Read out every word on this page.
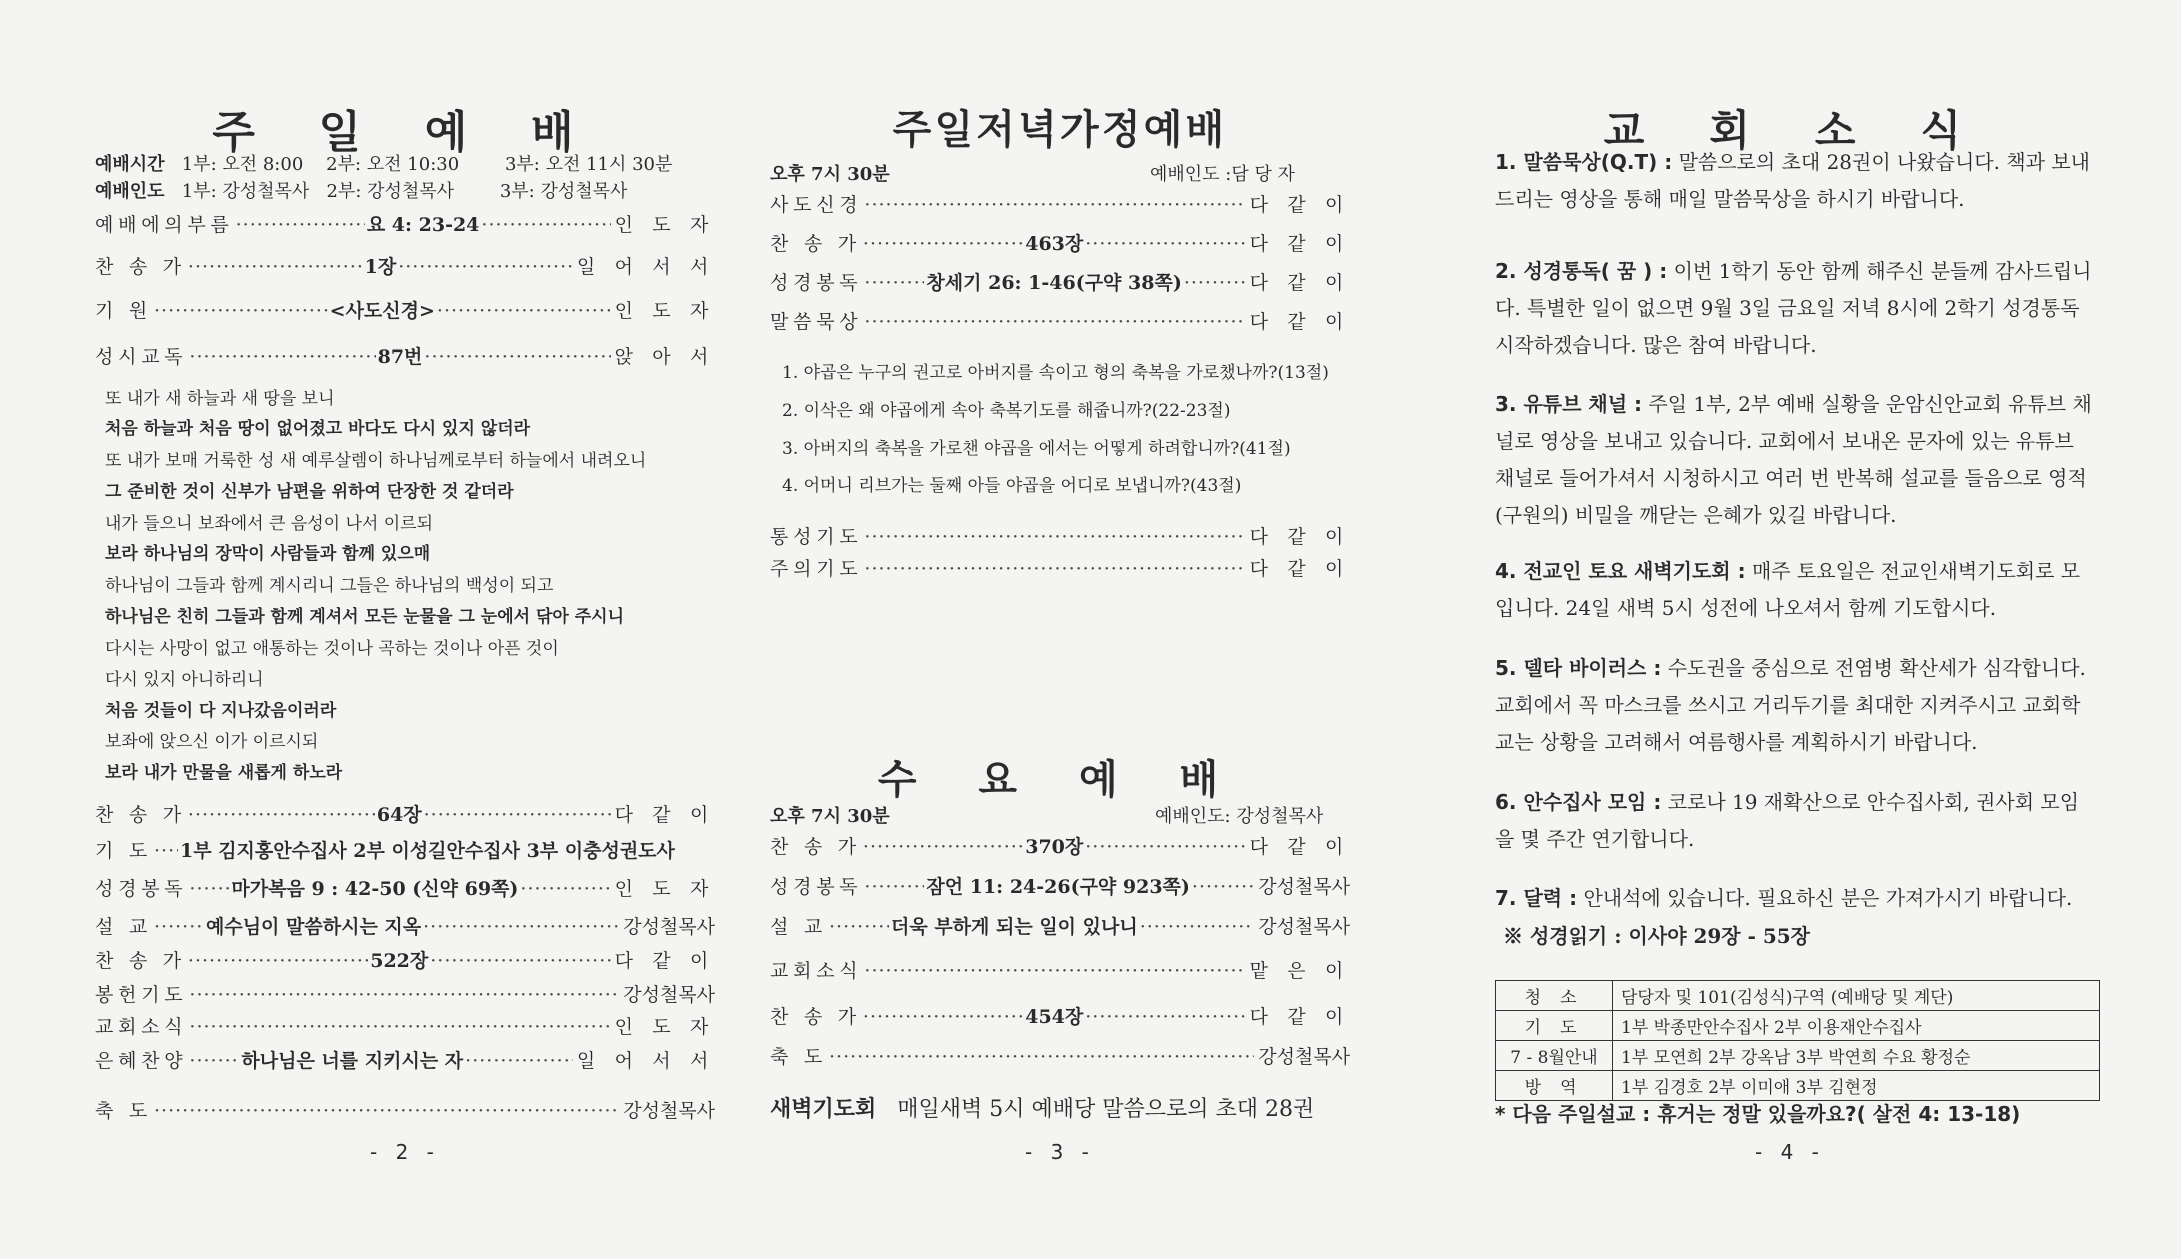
주 일 예 배
예배시간 1부: 오전 8:00 2부: 오전 10:30	3부: 오전 11시 30분
예배인도 1부: 강성철목사 2부: 강성철목사	3부: 강성철목사
예배에의부름 ·····	요 4: 23-24 ·····	인 도 자
찬 송 가 ·····	1장 ·····	일 어 서 서
기 원 ·····	<사도신경> ·····	인 도 자
성시교독 ·····	87번 ·····	앉 아 서
또 내가 새 하늘과 새 땅을 보니
처음 하늘과 처음 땅이 없어졌고 바다도 다시 있지 않더라
또 내가 보매 거룩한 성 새 예루살렘이 하나님께로부터 하늘에서 내려오니
그 준비한 것이 신부가 남편을 위하여 단장한 것 같더라
내가 들으니 보좌에서 큰 음성이 나서 이르되
보라 하나님의 장막이 사람들과 함께 있으매
하나님이 그들과 함께 계시리니 그들은 하나님의 백성이 되고
하나님은 친히 그들과 함께 계셔서 모든 눈물을 그 눈에서 닦아 주시니
다시는 사망이 없고 애통하는 것이나 곡하는 것이나 아픈 것이
다시 있지 아니하리니
처음 것들이 다 지나갔음이러라
보좌에 앉으신 이가 이르시되
보라 내가 만물을 새롭게 하노라
찬 송 가 ·····	64장 ·····	다 같 이
기 도 ····· 1부 김지홍안수집사 2부 이성길안수집사 3부 이충성권도사
성경봉독 ····· 마가복음 9 : 42-50 (신약 69쪽) ·····	인 도 자
설 교 ·····	예수님이 말씀하시는 지옥 ·····	강성철목사
찬 송 가 ·····	522장 ·····	다 같 이
봉헌기도 ·····	강성철목사
교회소식 ·····	인 도 자
은혜찬양 ·····	하나님은 너를 지키시는 자 ·····	일 어 서 서
축 도 ·····	강성철목사
- 2 -
주일저녁가정예배
오후 7시 30분	예배인도 :담 당 자
사도신경 ·····	다 같 이
찬 송 가 ·····	463장 ·····	다 같 이
성경봉독 ·····	창세기 26: 1-46(구약 38쪽) ·····	다 같 이
말씀묵상 ·····	다 같 이
1. 야곱은 누구의 권고로 아버지를 속이고 형의 축복을 가로챘나까?(13절)
2. 이삭은 왜 야곱에게 속아 축복기도를 해줍니까?(22-23절)
3. 아버지의 축복을 가로챈 야곱을 에서는 어떻게 하려합니까?(41절)
4. 어머니 리브가는 둘째 아들 야곱을 어디로 보냅니까?(43절)
통성기도 ·····	다 같 이
주의기도 ·····	다 같 이
수 요 예 배
오후 7시 30분	예배인도: 강성철목사
찬 송 가 ·····	370장 ·····	다 같 이
성경봉독 ·····	잠언 11: 24-26(구약 923쪽) ·····	강성철목사
설 교 ·····	더욱 부하게 되는 일이 있나니 ·····	강성철목사
교회소식 ·····	맡 은 이
찬 송 가 ·····	454장 ·····	다 같 이
축 도 ·····	강성철목사
새벽기도회 매일새벽 5시 예배당 말씀으로의 초대 28권
- 3 -
교 회 소 식
1. 말씀묵상(Q.T) : 말씀으로의 초대 28권이 나왔습니다. 책과 보내드리는 영상을 통해 매일 말씀묵상을 하시기 바랍니다.
2. 성경통독( 꿈 ) : 이번 1학기 동안 함께 해주신 분들께 감사드립니다. 특별한 일이 없으면 9월 3일 금요일 저녁 8시에 2학기 성경통독 시작하겠습니다. 많은 참여 바랍니다.
3. 유튜브 채널 : 주일 1부, 2부 예배 실황을 운암신안교회 유튜브 채널로 영상을 보내고 있습니다. 교회에서 보내온 문자에 있는 유튜브 채널로 들어가셔서 시청하시고 여러 번 반복해 설교를 들음으로 영적(구원의) 비밀을 깨닫는 은혜가 있길 바랍니다.
4. 전교인 토요 새벽기도회 : 매주 토요일은 전교인새벽기도회로 모입니다. 24일 새벽 5시 성전에 나오셔서 함께 기도합시다.
5. 델타 바이러스 : 수도권을 중심으로 전염병 확산세가 심각합니다. 교회에서 꼭 마스크를 쓰시고 거리두기를 최대한 지켜주시고 교회학교는 상황을 고려해서 여름행사를 계획하시기 바랍니다.
6. 안수집사 모임 : 코로나 19 재확산으로 안수집사회, 권사회 모임을 몇 주간 연기합니다.
7. 달력 : 안내석에 있습니다. 필요하신 분은 가져가시기 바랍니다.
※ 성경읽기 : 이사야 29장 - 55장
청 소	담당자 및 101(김성식)구역 (예배당 및 계단)
기 도	1부 박종만안수집사 2부 이용재안수집사
7 - 8월안내	1부 모연희 2부 강옥남 3부 박연희 수요 황정순
방 역	1부 김경호 2부 이미애 3부 김현정
* 다음 주일설교 : 휴거는 정말 있을까요?( 살전 4: 13-18)
- 4 -
